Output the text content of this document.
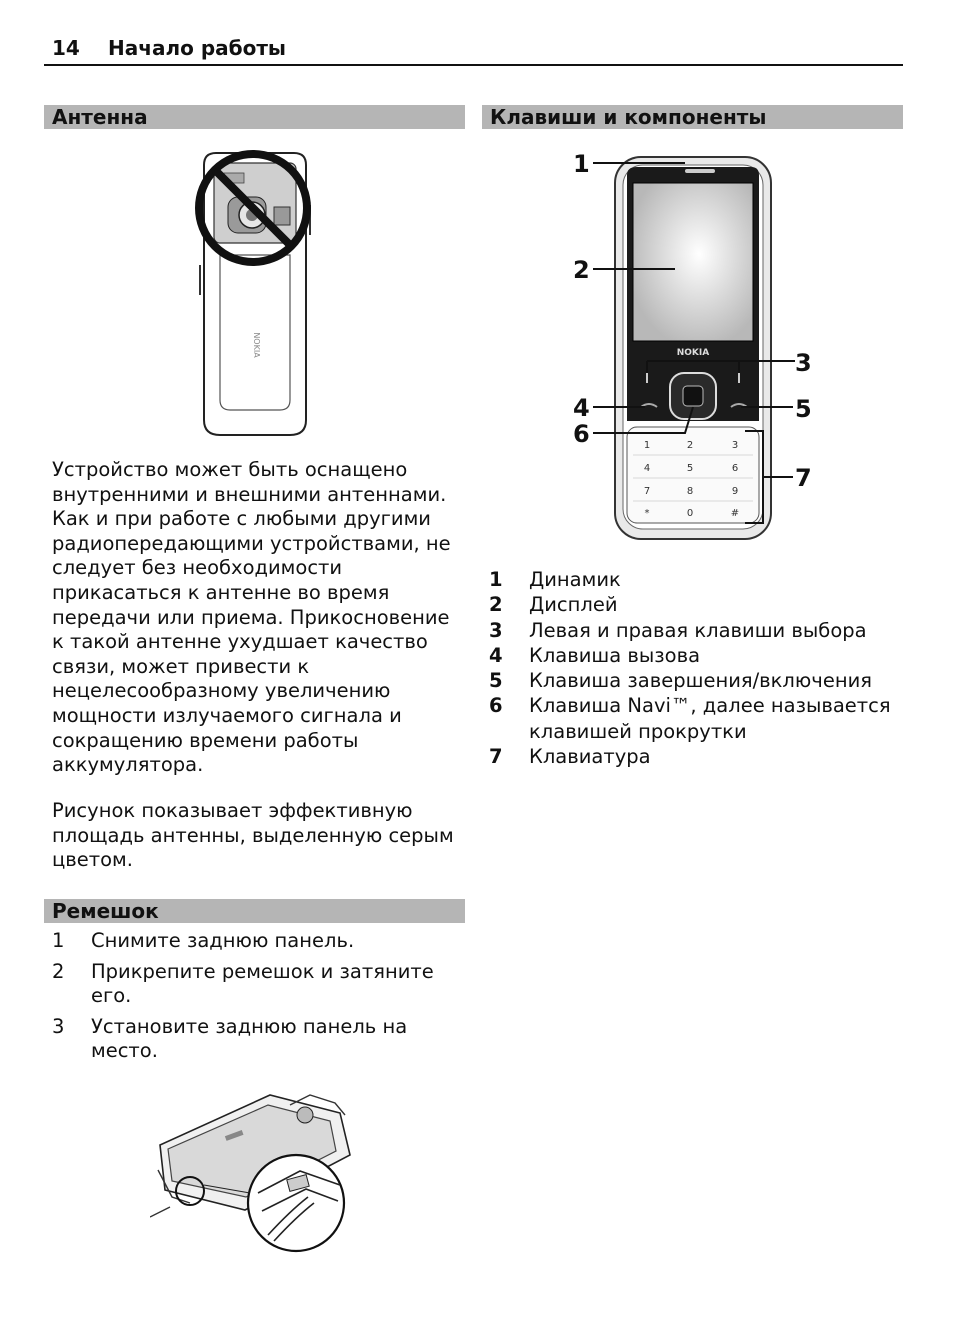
14 Начало работы
Антенна
NOKIA

Устройство может быть оснащено внутренними и внешними антеннами. Как и при работе с любыми другими радиопередающими устройствами, не следует без необходимости прикасаться к антенне во время передачи или приема. Прикосновение к такой антенне ухудшает качество связи, может привести к нецелесообразному увеличению мощности излучаемого сигнала и сокращению времени работы аккумулятора.

Рисунок показывает эффективную площадь антенны, выделенную серым цветом.

Ремешок
1 Снимите заднюю панель.
2 Прикрепите ремешок и затяните его.
3 Установите заднюю панель на место.
Клавиши и компоненты
NOKIA
1	2	3
4	5	6
7	8	9
*	0	#
1
2
3
4	5
6
7
1 Динамик
2 Дисплей
3 Левая и правая клавиши выбора
4 Клавиша вызова
5 Клавиша завершения/включения
6 Клавиша Navi™, далее называется клавишей прокрутки
7 Клавиатура
